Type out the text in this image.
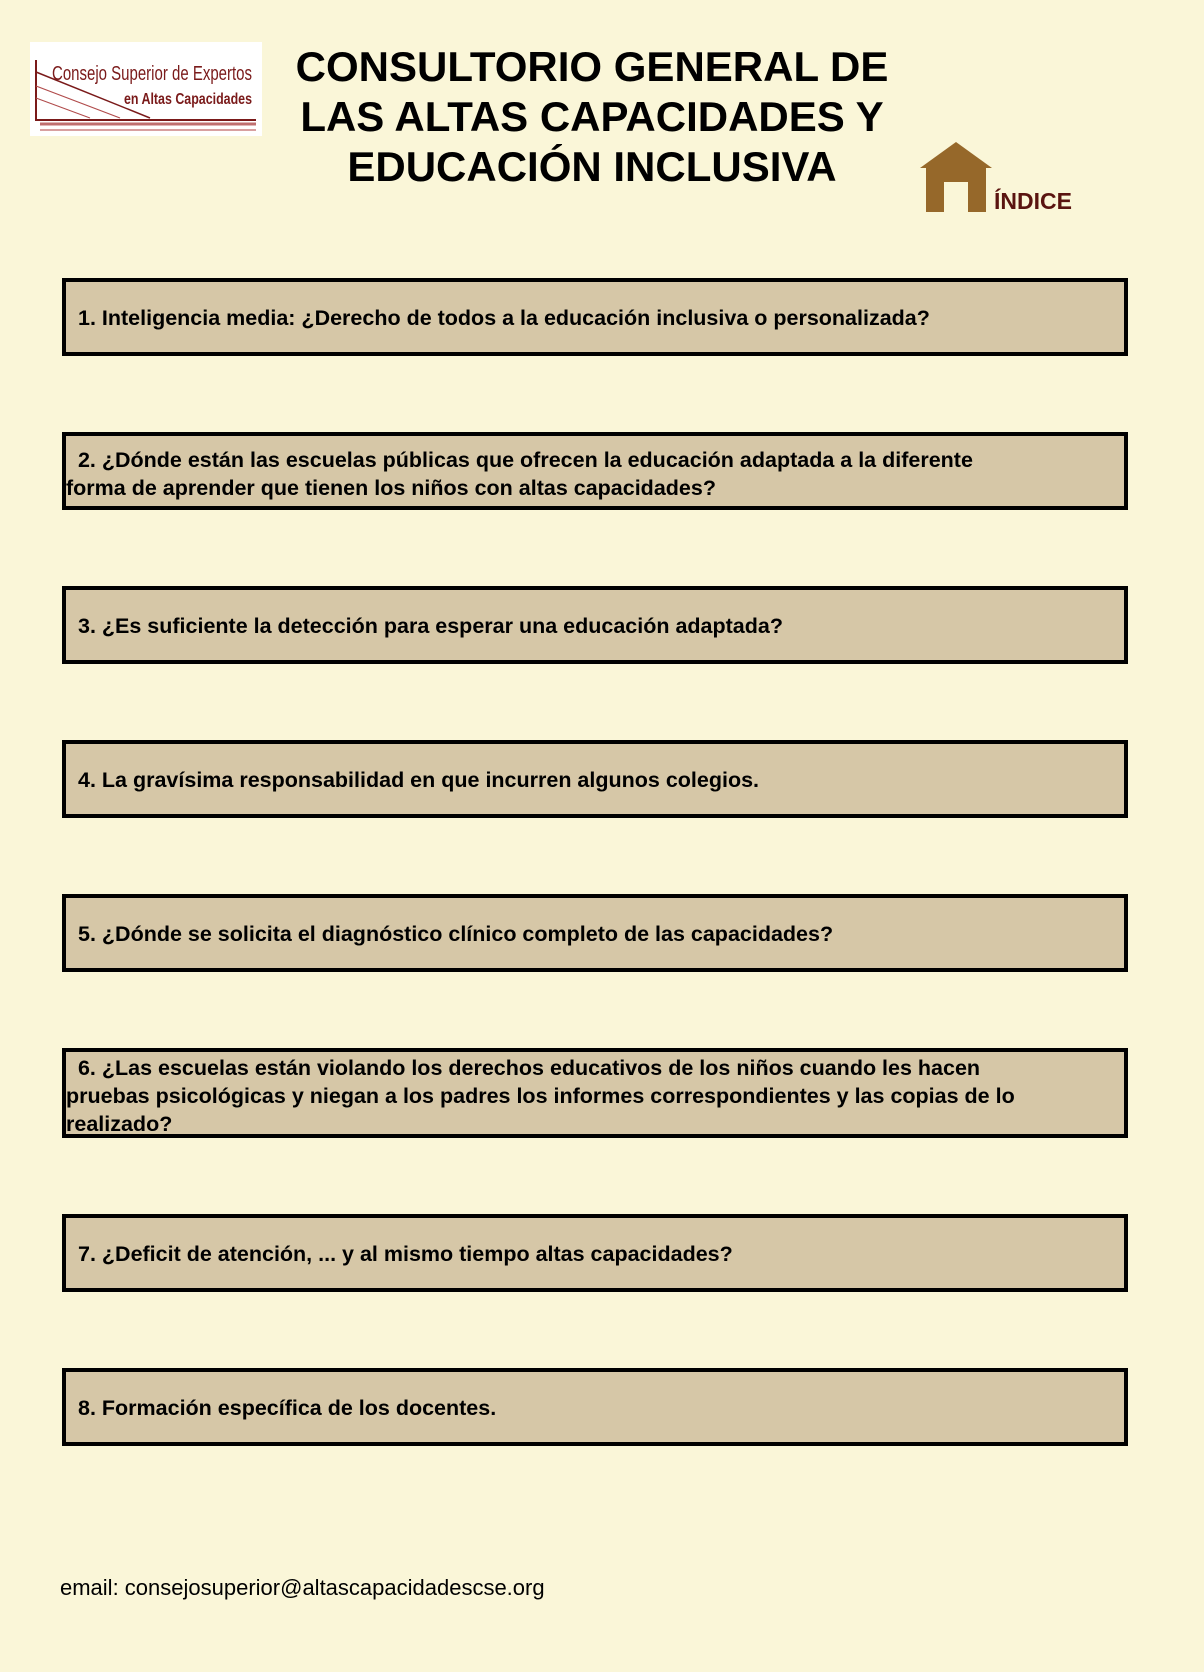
Consejo Superior de Expertos
en Altas Capacidades
CONSULTORIO GENERAL DE
LAS ALTAS CAPACIDADES Y
EDUCACIÓN INCLUSIVA
ÍNDICE
1. Inteligencia media: ¿Derecho de todos a la educación inclusiva o personalizada?
2. ¿Dónde están las escuelas públicas que ofrecen la educación adaptada a la diferente
forma de aprender que tienen los niños con altas capacidades?
3. ¿Es suficiente la detección para esperar una educación adaptada?
4. La gravísima responsabilidad en que incurren algunos colegios.
5. ¿Dónde se solicita el diagnóstico clínico completo de las capacidades?
6. ¿Las escuelas están violando los derechos educativos de los niños cuando les hacen
pruebas psicológicas y niegan a los padres los informes correspondientes y las copias de lo
realizado?
7. ¿Deficit de atención, ... y al mismo tiempo altas capacidades?
8. Formación específica de los docentes.
email: consejosuperior@altascapacidadescse.org
